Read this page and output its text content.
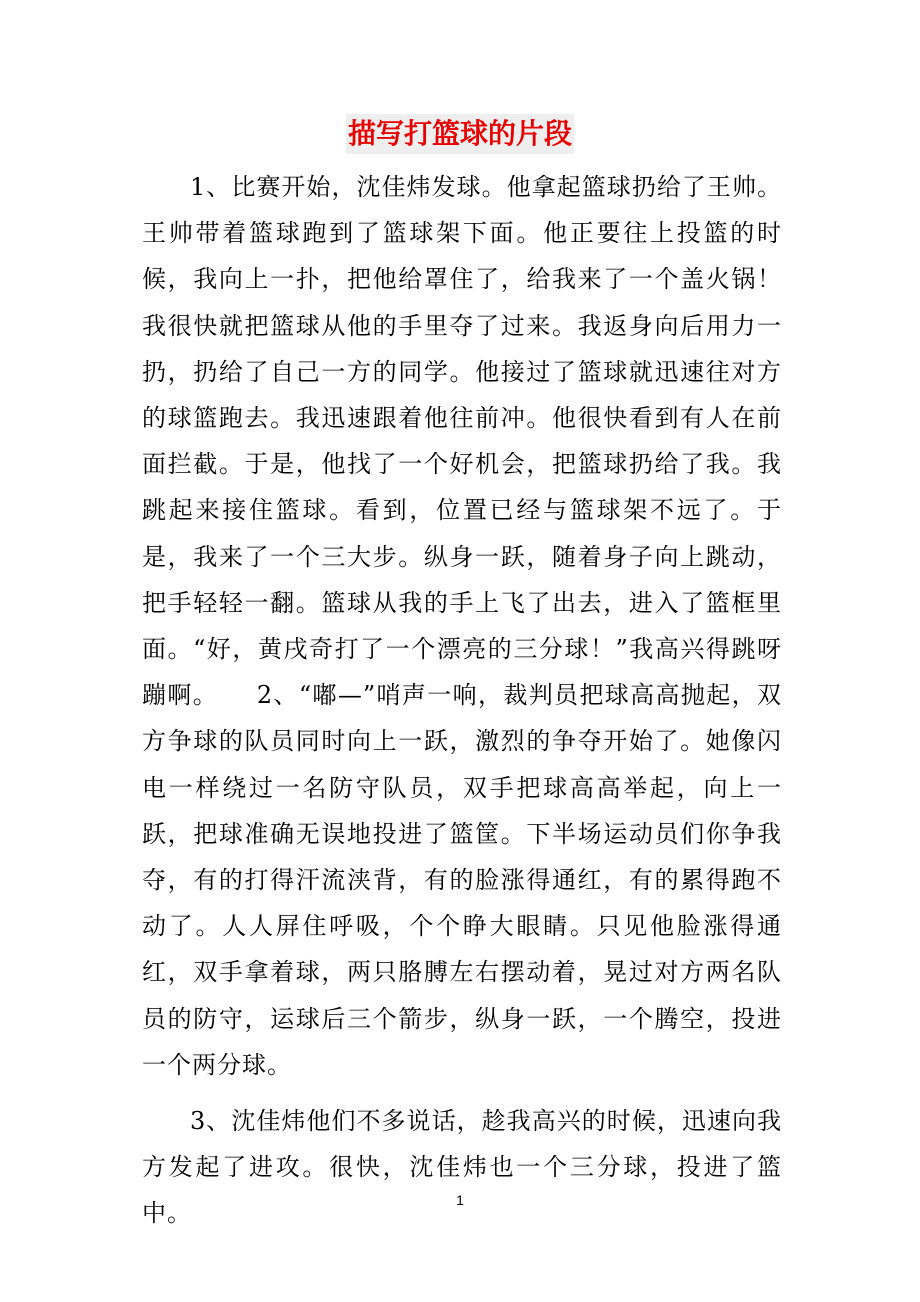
描写打篮球的片段

1、比赛开始，沈佳炜发球。他拿起篮球扔给了王帅。王帅带着篮球跑到了篮球架下面。他正要往上投篮的时候，我向上一扑，把他给罩住了，给我来了一个盖火锅！我很快就把篮球从他的手里夺了过来。我返身向后用力一扔，扔给了自己一方的同学。他接过了篮球就迅速往对方的球篮跑去。我迅速跟着他往前冲。他很快看到有人在前面拦截。于是，他找了一个好机会，把篮球扔给了我。我跳起来接住篮球。看到，位置已经与篮球架不远了。于是，我来了一个三大步。纵身一跃，随着身子向上跳动，把手轻轻一翻。篮球从我的手上飞了出去，进入了篮框里面。“好，黄戌奇打了一个漂亮的三分球！”我高兴得跳呀蹦啊。　　2、“嘟—”哨声一响，裁判员把球高高抛起，双方争球的队员同时向上一跃，激烈的争夺开始了。她像闪电一样绕过一名防守队员，双手把球高高举起，向上一跃，把球准确无误地投进了篮筐。下半场运动员们你争我夺，有的打得汗流浃背，有的脸涨得通红，有的累得跑不动了。人人屏住呼吸，个个睁大眼睛。只见他脸涨得通红，双手拿着球，两只胳膊左右摆动着，晃过对方两名队员的防守，运球后三个箭步，纵身一跃，一个腾空，投进一个两分球。

3、沈佳炜他们不多说话，趁我高兴的时候，迅速向我方发起了进攻。很快，沈佳炜也一个三分球，投进了篮中。	1
